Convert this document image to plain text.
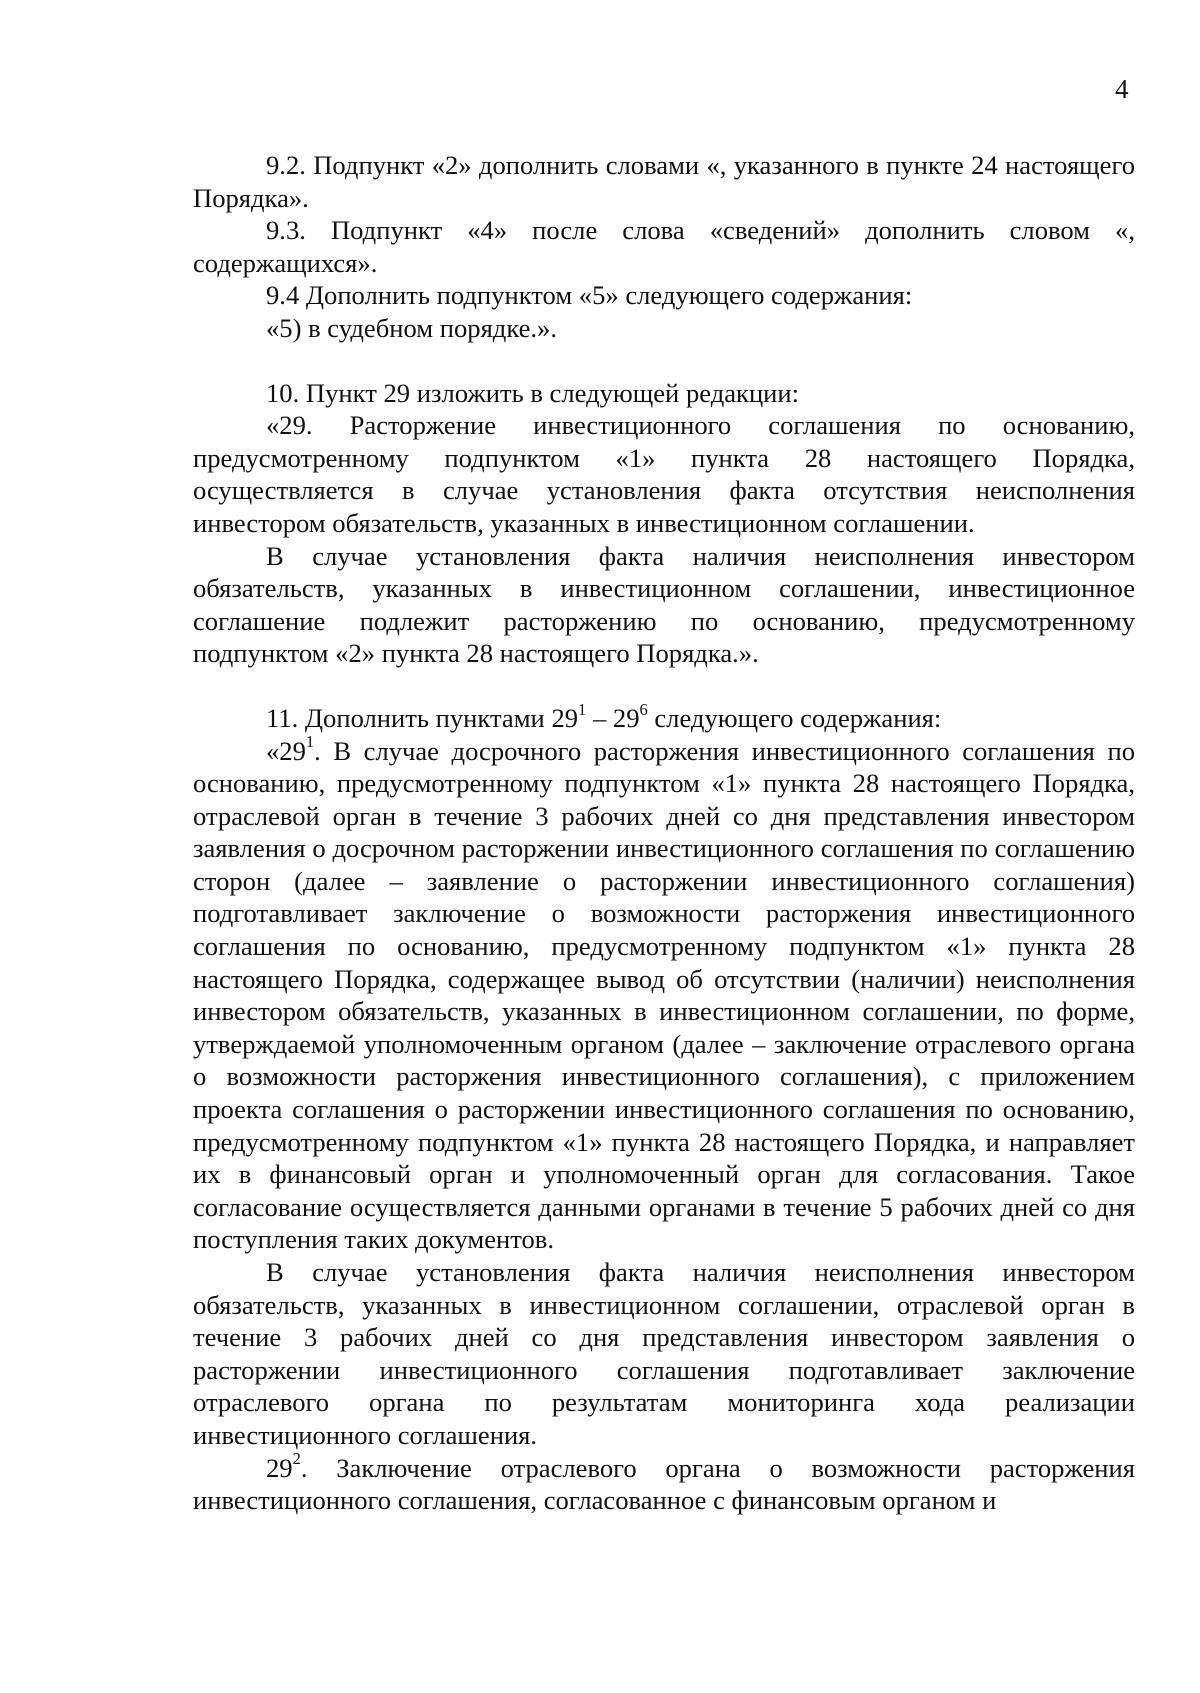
4

9.2. Подпункт «2» дополнить словами «, указанного в пункте 24 настоящего Порядка».

9.3. Подпункт «4» после слова «сведений» дополнить словом «, содержащихся».

9.4 Дополнить подпунктом «5» следующего содержания:

«5) в судебном порядке.».

10. Пункт 29 изложить в следующей редакции:

«29. Расторжение инвестиционного соглашения по основанию, предусмотренному подпунктом «1» пункта 28 настоящего Порядка, осуществляется в случае установления факта отсутствия неисполнения инвестором обязательств, указанных в инвестиционном соглашении.

В случае установления факта наличия неисполнения инвестором обязательств, указанных в инвестиционном соглашении, инвестиционное соглашение подлежит расторжению по основанию, предусмотренному подпунктом «2» пункта 28 настоящего Порядка.».

11. Дополнить пунктами $29^1 - 29^6$ следующего содержания:

«$29^1$. В случае досрочного расторжения инвестиционного соглашения по основанию, предусмотренному подпунктом «1» пункта 28 настоящего Порядка, отраслевой орган в течение 3 рабочих дней со дня представления инвестором заявления о досрочном расторжении инвестиционного соглашения по соглашению сторон (далее – заявление о расторжении инвестиционного соглашения) подготавливает заключение о возможности расторжения инвестиционного соглашения по основанию, предусмотренному подпунктом «1» пункта 28 настоящего Порядка, содержащее вывод об отсутствии (наличии) неисполнения инвестором обязательств, указанных в инвестиционном соглашении, по форме, утверждаемой уполномоченным органом (далее – заключение отраслевого органа о возможности расторжения инвестиционного соглашения), с приложением проекта соглашения о расторжении инвестиционного соглашения по основанию, предусмотренному подпунктом «1» пункта 28 настоящего Порядка, и направляет их в финансовый орган и уполномоченный орган для согласования. Такое согласование осуществляется данными органами в течение 5 рабочих дней со дня поступления таких документов.

В случае установления факта наличия неисполнения инвестором обязательств, указанных в инвестиционном соглашении, отраслевой орган в течение 3 рабочих дней со дня представления инвестором заявления о расторжении инвестиционного соглашения подготавливает заключение отраслевого органа по результатам мониторинга хода реализации инвестиционного соглашения.

$29^2$. Заключение отраслевого органа о возможности расторжения инвестиционного соглашения, согласованное с финансовым органом и
